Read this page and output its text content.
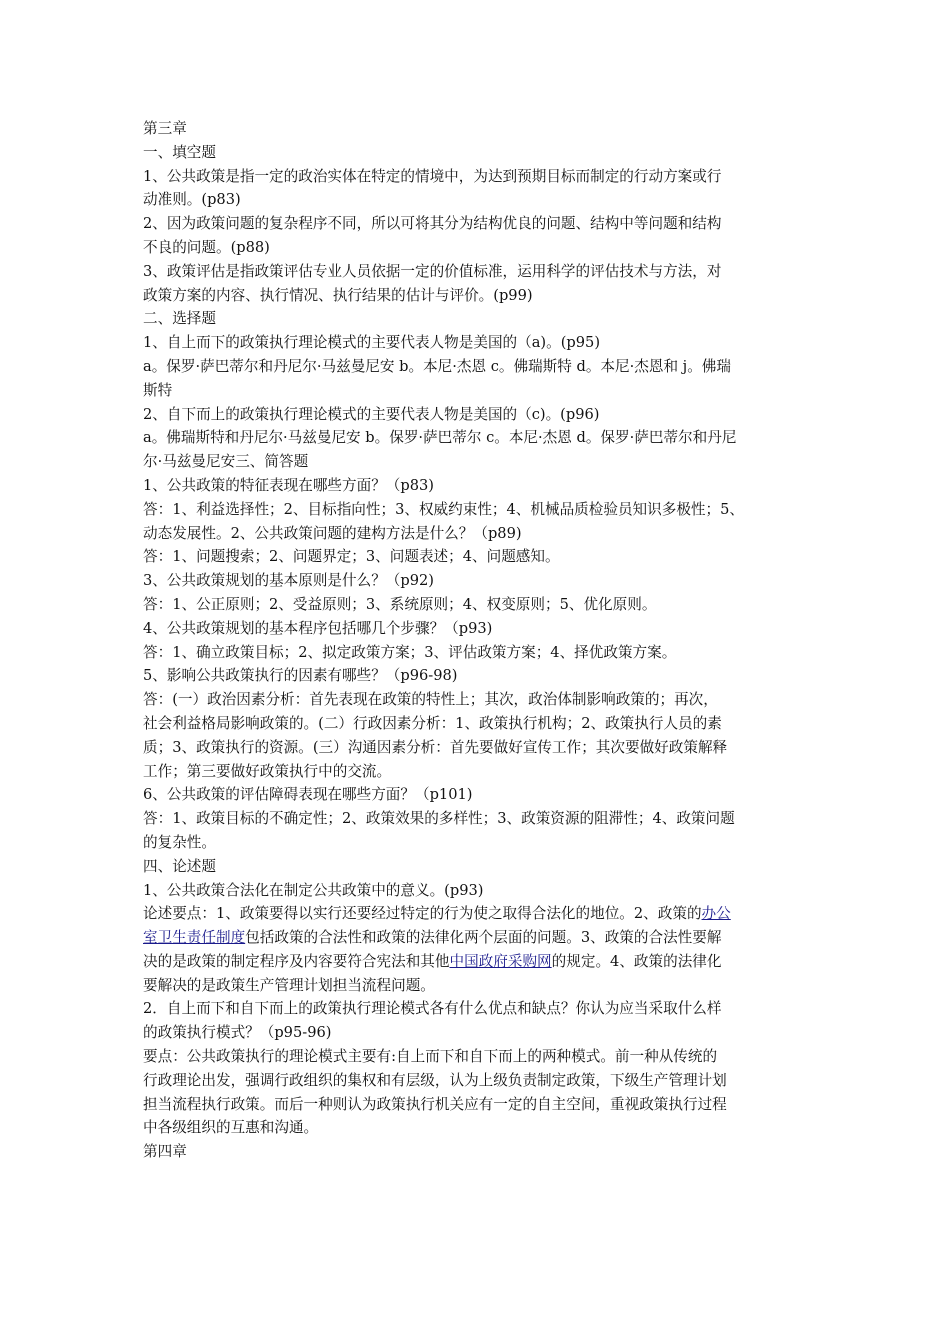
第三章
一、填空题
1、公共政策是指一定的政治实体在特定的情境中，为达到预期目标而制定的行动方案或行
动准则。(p83)
2、因为政策问题的复杂程序不同，所以可将其分为结构优良的问题、结构中等问题和结构
不良的问题。(p88)
3、政策评估是指政策评估专业人员依据一定的价值标准，运用科学的评估技术与方法，对
政策方案的内容、执行情况、执行结果的估计与评价。(p99)
二、选择题
1、自上而下的政策执行理论模式的主要代表人物是美国的（a)。(p95)
a。保罗·萨巴蒂尔和丹尼尔·马兹曼尼安 b。本尼·杰恩 c。佛瑞斯特 d。本尼·杰恩和 j。佛瑞
斯特
2、自下而上的政策执行理论模式的主要代表人物是美国的（c)。(p96)
a。佛瑞斯特和丹尼尔·马兹曼尼安 b。保罗·萨巴蒂尔 c。本尼·杰恩 d。保罗·萨巴蒂尔和丹尼
尔·马兹曼尼安三、简答题
1、公共政策的特征表现在哪些方面？（p83)
答：1、利益选择性；2、目标指向性；3、权威约束性；4、机械品质检验员知识多极性；5、
动态发展性。2、公共政策问题的建构方法是什么？（p89)
答：1、问题搜索；2、问题界定；3、问题表述；4、问题感知。
3、公共政策规划的基本原则是什么？（p92)
答：1、公正原则；2、受益原则；3、系统原则；4、权变原则；5、优化原则。
4、公共政策规划的基本程序包括哪几个步骤？（p93)
答：1、确立政策目标；2、拟定政策方案；3、评估政策方案；4、择优政策方案。
5、影响公共政策执行的因素有哪些？（p96-98)
答：(一）政治因素分析：首先表现在政策的特性上；其次，政治体制影响政策的；再次，
社会利益格局影响政策的。(二）行政因素分析：1、政策执行机构；2、政策执行人员的素
质；3、政策执行的资源。(三）沟通因素分析：首先要做好宣传工作；其次要做好政策解释
工作；第三要做好政策执行中的交流。
6、公共政策的评估障碍表现在哪些方面？（p101)
答：1、政策目标的不确定性；2、政策效果的多样性；3、政策资源的阻滞性；4、政策问题
的复杂性。
四、论述题
1、公共政策合法化在制定公共政策中的意义。(p93)
论述要点：1、政策要得以实行还要经过特定的行为使之取得合法化的地位。2、政策的办公
室卫生责任制度包括政策的合法性和政策的法律化两个层面的问题。3、政策的合法性要解
决的是政策的制定程序及内容要符合宪法和其他中国政府采购网的规定。4、政策的法律化
要解决的是政策生产管理计划担当流程问题。
2．自上而下和自下而上的政策执行理论模式各有什么优点和缺点？你认为应当采取什么样
的政策执行模式？（p95-96)
要点：公共政策执行的理论模式主要有:自上而下和自下而上的两种模式。前一种从传统的
行政理论出发，强调行政组织的集权和有层级，认为上级负责制定政策，下级生产管理计划
担当流程执行政策。而后一种则认为政策执行机关应有一定的自主空间，重视政策执行过程
中各级组织的互惠和沟通。
第四章
